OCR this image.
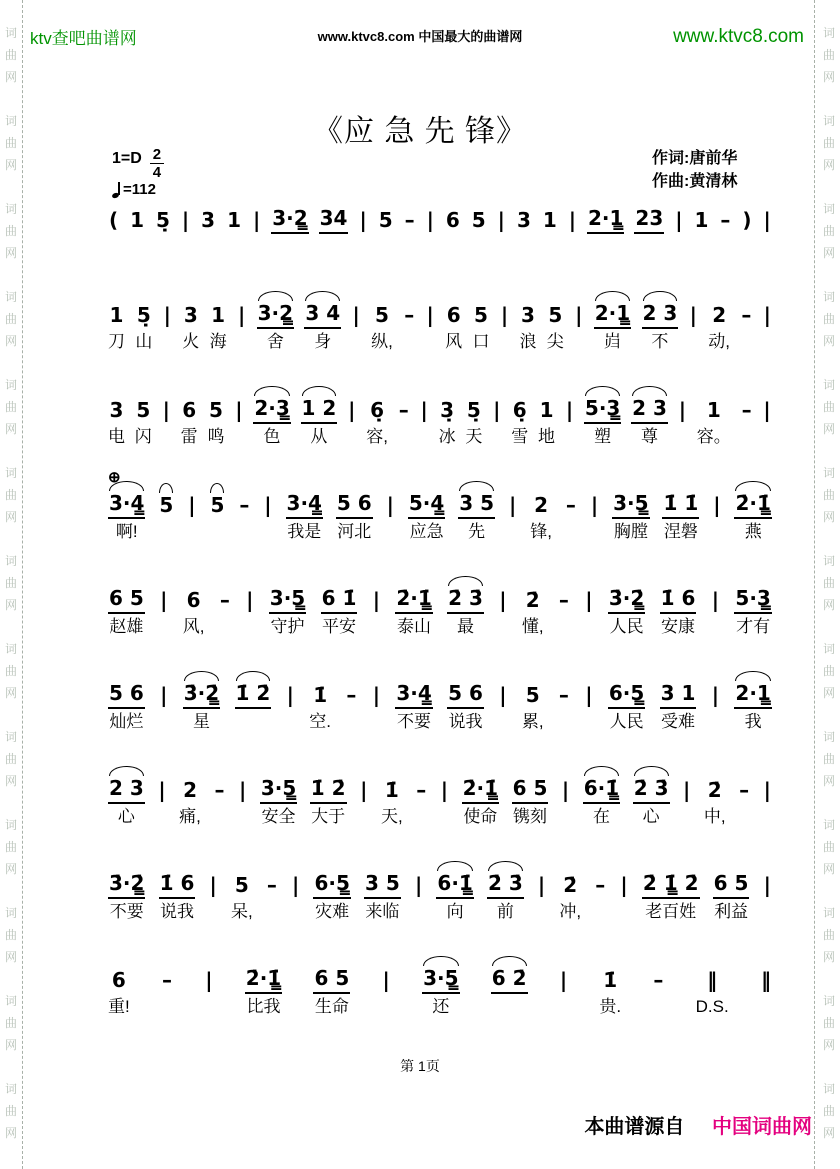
词
曲
网
词
曲
网
词
曲
网
词
曲
网
词
曲
网
词
曲
网
词
曲
网
词
曲
网
词
曲
网
词
曲
网
词
曲
网
词
曲
网
词
曲
网
词
曲
网
词
曲
网
词
曲
网
词
曲
网
词
曲
网
词
曲
网
词
曲
网
词
曲
网
词
曲
网
词
曲
网
词
曲
网
词
曲
网
词
曲
网
ktv查吧曲谱网	www.ktvc8.com 中国最大的曲谱网	www.ktvc8.com
《应 急 先 锋》
$1=D \frac{2}{4}$
=112
作词:唐前华
作曲:黄清林
( 1 5̣ | 3 1 | 3·2̳ 34 | 5 – | 6 5 | 3 1 | 2·1̳ 23 | 1 – ) |
1
刀
5̣
山
| 3
火
1
海
| 3·2̳
舍
3 4
身
| 5
纵,
– | 6
风
5
口
| 3
浪
5
尖
| 2·1̳
岿
2 3
不
| 2
动,
– |
3
电
5
闪
| 6
雷
5
鸣
| 2·3̳
色
1 2
从
| 6̣
容,
– | 3̣
冰
5̣
天
| 6̣
雪
1
地
| 5·3̳
塑
2 3
尊
| 1
容。
– |
⊕
3·4̳
啊!
5 | 5 – | 3·4̳
我是
5 6
河北
| 5·4̳
应急
3 5
先
| 2
锋,
– | 3·5̳
胸膛
1̇ 1̇
涅磐
| 2̇·1̳̇
燕
6 5
赵雄
| 6
风,
– | 3·5̳
守护
6 1̇
平安
| 2̇·1̳̇
泰山
2̇ 3̇
最
| 2̇
懂,
– | 3̇·2̳̇
人民
1̇ 6
安康
| 5·3̳
才有
5 6
灿烂
| 3̇·2̳̇
星
1̇ 2̇ | 1̇
空.
– | 3·4̳
不要
5 6
说我
| 5
累,
– | 6·5̳
人民
3 1
受难
| 2·1̳
我
2 3
心
| 2
痛,
– | 3·5̳
安全
1̇ 2̇
大于
| 1̇
天,
– | 2̇·1̳̇
使命
6 5
镌刻
| 6·1̳̇
在
2̇ 3̇
心
| 2̇
中,
– |
3̇·2̳̇
不要
1̇ 6
说我
| 5
呆,
– | 6·5̳
灾难
3 5
来临
| 6·1̳̇
向
2̇ 3̇
前
| 2̇
冲,
– | 2̇ 1̳̇ 2̇
老百姓
6 5
利益
|
6
重!
– | 2̇·1̳̇
比我
6 5
生命
| 3·5̳
还
6 2̇ | 1̇
贵.
– ‖
D.S.
‖
第 1页
本曲谱源自 中国词曲网
